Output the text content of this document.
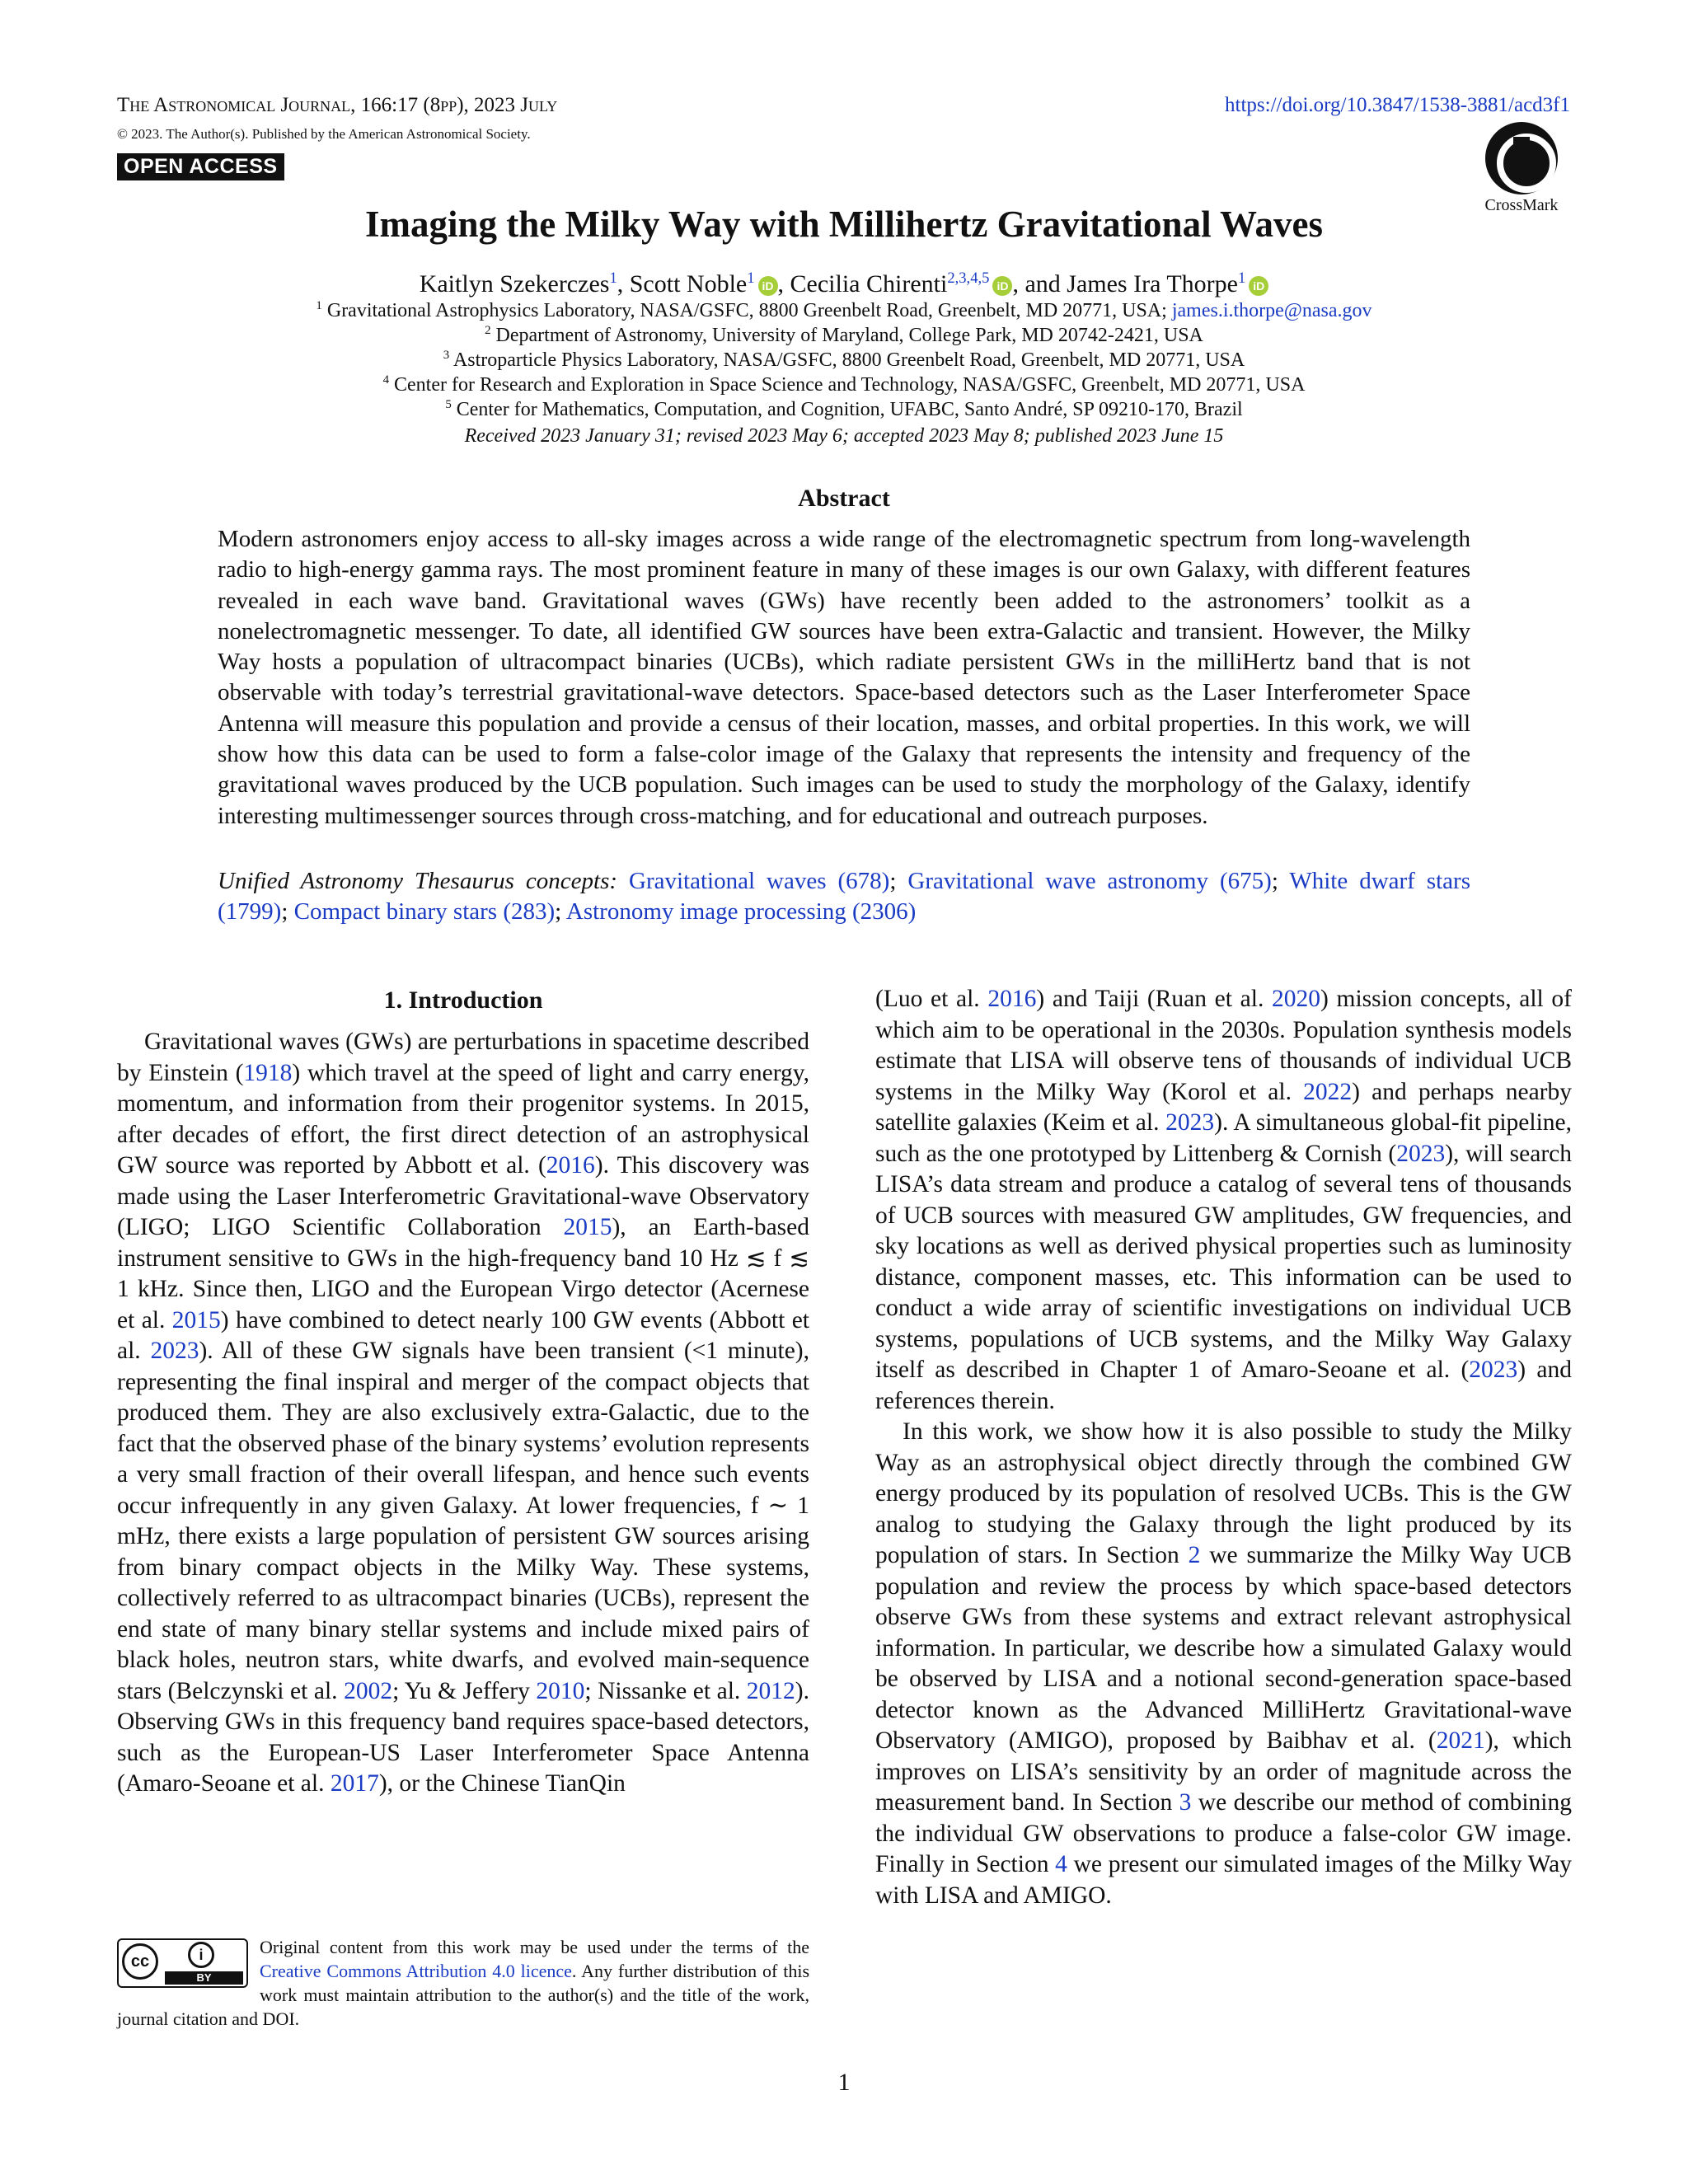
The Astronomical Journal, 166:17 (8pp), 2023 July
© 2023. The Author(s). Published by the American Astronomical Society.
OPEN ACCESS
https://doi.org/10.3847/1538-3881/acd3f1
CrossMark
Imaging the Milky Way with Millihertz Gravitational Waves
Kaitlyn Szekerczes$^1$, Scott Noble$^1$ iD , Cecilia Chirenti$^{2,3,4,5}$ iD , and James Ira Thorpe$^1$ iD
$^1$ Gravitational Astrophysics Laboratory, NASA/GSFC, 8800 Greenbelt Road, Greenbelt, MD 20771, USA; james.i.thorpe@nasa.gov
$^2$ Department of Astronomy, University of Maryland, College Park, MD 20742-2421, USA
$^3$ Astroparticle Physics Laboratory, NASA/GSFC, 8800 Greenbelt Road, Greenbelt, MD 20771, USA
$^4$ Center for Research and Exploration in Space Science and Technology, NASA/GSFC, Greenbelt, MD 20771, USA
$^5$ Center for Mathematics, Computation, and Cognition, UFABC, Santo André, SP 09210-170, Brazil
Received 2023 January 31; revised 2023 May 6; accepted 2023 May 8; published 2023 June 15
Abstract
Modern astronomers enjoy access to all-sky images across a wide range of the electromagnetic spectrum from long-wavelength radio to high-energy gamma rays. The most prominent feature in many of these images is our own Galaxy, with different features revealed in each wave band. Gravitational waves (GWs) have recently been added to the astronomers’ toolkit as a nonelectromagnetic messenger. To date, all identified GW sources have been extra-Galactic and transient. However, the Milky Way hosts a population of ultracompact binaries (UCBs), which radiate persistent GWs in the milliHertz band that is not observable with today’s terrestrial gravitational-wave detectors. Space-based detectors such as the Laser Interferometer Space Antenna will measure this population and provide a census of their location, masses, and orbital properties. In this work, we will show how this data can be used to form a false-color image of the Galaxy that represents the intensity and frequency of the gravitational waves produced by the UCB population. Such images can be used to study the morphology of the Galaxy, identify interesting multimessenger sources through cross-matching, and for educational and outreach purposes.
Unified Astronomy Thesaurus concepts: Gravitational waves (678); Gravitational wave astronomy (675); White dwarf stars (1799); Compact binary stars (283); Astronomy image processing (2306)
1. Introduction

Gravitational waves (GWs) are perturbations in spacetime described by Einstein (1918) which travel at the speed of light and carry energy, momentum, and information from their progenitor systems. In 2015, after decades of effort, the first direct detection of an astrophysical GW source was reported by Abbott et al. (2016). This discovery was made using the Laser Interferometric Gravitational-wave Observatory (LIGO; LIGO Scientific Collaboration 2015), an Earth-based instrument sensitive to GWs in the high-frequency band 10 Hz ≲ f ≲ 1 kHz. Since then, LIGO and the European Virgo detector (Acernese et al. 2015) have combined to detect nearly 100 GW events (Abbott et al. 2023). All of these GW signals have been transient (<1 minute), representing the final inspiral and merger of the compact objects that produced them. They are also exclusively extra-Galactic, due to the fact that the observed phase of the binary systems’ evolution represents a very small fraction of their overall lifespan, and hence such events occur infrequently in any given Galaxy. At lower frequencies, f ∼ 1 mHz, there exists a large population of persistent GW sources arising from binary compact objects in the Milky Way. These systems, collectively referred to as ultracompact binaries (UCBs), represent the end state of many binary stellar systems and include mixed pairs of black holes, neutron stars, white dwarfs, and evolved main-sequence stars (Belczynski et al. 2002; Yu & Jeffery 2010; Nissanke et al. 2012). Observing GWs in this frequency band requires space-based detectors, such as the European-US Laser Interferometer Space Antenna (Amaro-Seoane et al. 2017), or the Chinese TianQin

(Luo et al. 2016) and Taiji (Ruan et al. 2020) mission concepts, all of which aim to be operational in the 2030s. Population synthesis models estimate that LISA will observe tens of thousands of individual UCB systems in the Milky Way (Korol et al. 2022) and perhaps nearby satellite galaxies (Keim et al. 2023). A simultaneous global-fit pipeline, such as the one prototyped by Littenberg & Cornish (2023), will search LISA’s data stream and produce a catalog of several tens of thousands of UCB sources with measured GW amplitudes, GW frequencies, and sky locations as well as derived physical properties such as luminosity distance, component masses, etc. This information can be used to conduct a wide array of scientific investigations on individual UCB systems, populations of UCB systems, and the Milky Way Galaxy itself as described in Chapter 1 of Amaro-Seoane et al. (2023) and references therein.

In this work, we show how it is also possible to study the Milky Way as an astrophysical object directly through the combined GW energy produced by its population of resolved UCBs. This is the GW analog to studying the Galaxy through the light produced by its population of stars. In Section 2 we summarize the Milky Way UCB population and review the process by which space-based detectors observe GWs from these systems and extract relevant astrophysical information. In particular, we describe how a simulated Galaxy would be observed by LISA and a notional second-generation space-based detector known as the Advanced MilliHertz Gravitational-wave Observatory (AMIGO), proposed by Baibhav et al. (2021), which improves on LISA’s sensitivity by an order of magnitude across the measurement band. In Section 3 we describe our method of combining the individual GW observations to produce a false-color GW image. Finally in Section 4 we present our simulated images of the Milky Way with LISA and AMIGO.

cc	i
BY
Original content from this work may be used under the terms of the Creative Commons Attribution 4.0 licence. Any further distribution of this work must maintain attribution to the author(s) and the title of the work, journal citation and DOI.
1
